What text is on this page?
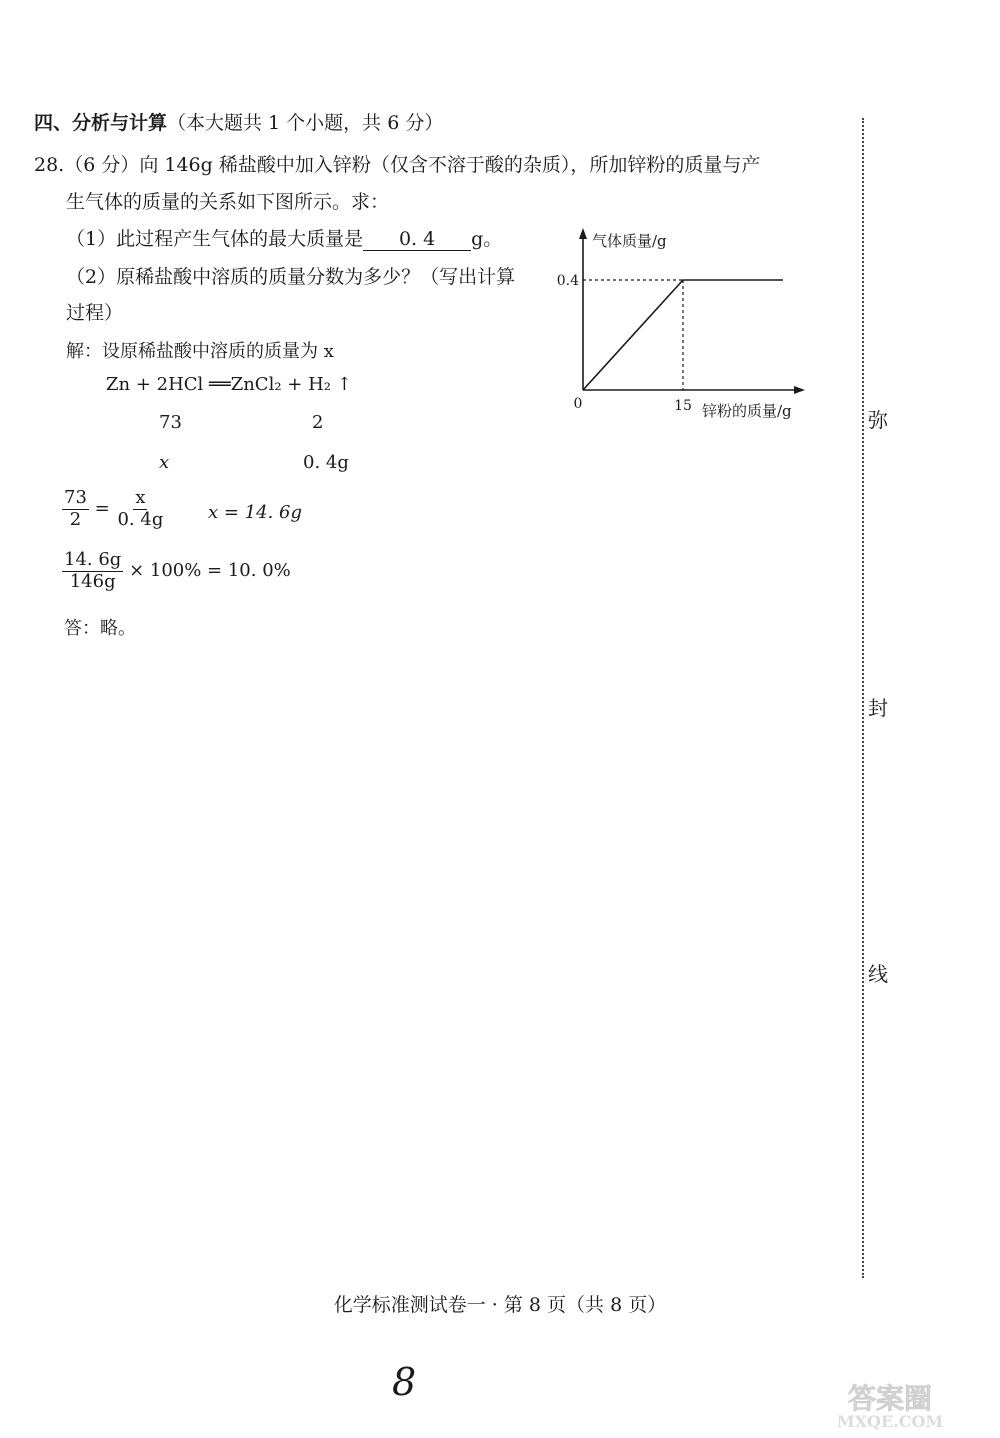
四、分析与计算（本大题共 1 个小题，共 6 分）
28.（6 分）向 146g 稀盐酸中加入锌粉（仅含不溶于酸的杂质），所加锌粉的质量与产
生气体的质量的关系如下图所示。求：
（1）此过程产生气体的最大质量是 0. 4 g。
（2）原稀盐酸中溶质的质量分数为多少？（写出计算
过程）
解：设原稀盐酸中溶质的质量为 x
Zn + 2HCl ══ZnCl₂ + H₂ ↑
73	2
x	0. 4g
$\frac{73}{2} = \frac{x}{0. 4g}$ x = 14. 6g
$\frac{14. 6g}{146g} \times 100\% = 10$. 0%
答：略。
气体质量/g
0.4
0	15 锌粉的质量/g	弥
封
线
化学标准测试卷一 · 第 8 页（共 8 页）
8	答案圈
MXQE.COM
